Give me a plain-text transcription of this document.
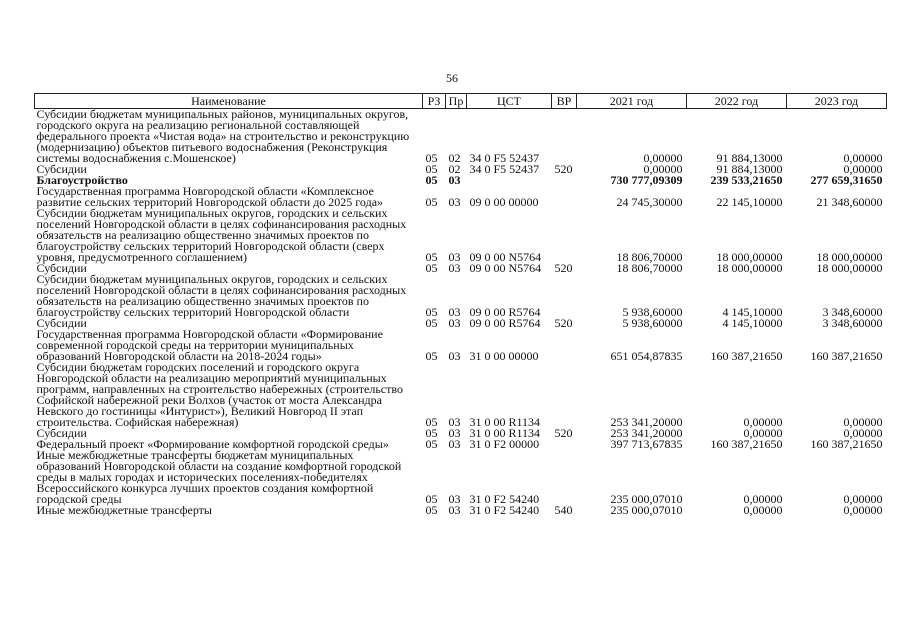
56
Наименование	РЗ	Пр	ЦСТ	ВР	2021 год	2022 год	2023 год
Субсидии бюджетам муниципальных районов, муниципальных округов, городского округа на реализацию региональной составляющей федерального проекта «Чистая вода» на строительство и реконструкцию (модернизацию) объектов питьевого водоснабжения (Реконструкция системы водоснабжения с.Мошенское)	05	02	34 0 F5 52437		0,00000	91 884,13000	0,00000
Субсидии	05	02	34 0 F5 52437	520	0,00000	91 884,13000	0,00000
Благоустройство	05	03			730 777,09309	239 533,21650	277 659,31650
Государственная программа Новгородской области «Комплексное развитие сельских территорий Новгородской области до 2025 года»	05	03	09 0 00 00000		24 745,30000	22 145,10000	21 348,60000
Субсидии бюджетам муниципальных округов, городских и сельских поселений Новгородской области в целях софинансирования расходных обязательств на реализацию общественно значимых проектов по благоустройству сельских территорий Новгородской области (сверх уровня, предусмотренного соглашением)	05	03	09 0 00 N5764		18 806,70000	18 000,00000	18 000,00000
Субсидии	05	03	09 0 00 N5764	520	18 806,70000	18 000,00000	18 000,00000
Субсидии бюджетам муниципальных округов, городских и сельских поселений Новгородской области в целях софинансирования расходных обязательств на реализацию общественно значимых проектов по благоустройству сельских территорий Новгородской области	05	03	09 0 00 R5764		5 938,60000	4 145,10000	3 348,60000
Субсидии	05	03	09 0 00 R5764	520	5 938,60000	4 145,10000	3 348,60000
Государственная программа Новгородской области «Формирование современной городской среды на территории муниципальных образований Новгородской области на 2018-2024 годы»	05	03	31 0 00 00000		651 054,87835	160 387,21650	160 387,21650
Субсидии бюджетам городских поселений и городского округа Новгородской области на реализацию мероприятий муниципальных программ, направленных на строительство набережных (строительство Софийской набережной реки Волхов (участок от моста Александра Невского до гостиницы «Интурист»), Великий Новгород II этап строительства. Софийская набережная)	05	03	31 0 00 R1134		253 341,20000	0,00000	0,00000
Субсидии	05	03	31 0 00 R1134	520	253 341,20000	0,00000	0,00000
Федеральный проект «Формирование комфортной городской среды»	05	03	31 0 F2 00000		397 713,67835	160 387,21650	160 387,21650
Иные межбюджетные трансферты бюджетам муниципальных образований Новгородской области на создание комфортной городской среды в малых городах и исторических поселениях-победителях Всероссийского конкурса лучших проектов создания комфортной городской среды	05	03	31 0 F2 54240		235 000,07010	0,00000	0,00000
Иные межбюджетные трансферты	05	03	31 0 F2 54240	540	235 000,07010	0,00000	0,00000
